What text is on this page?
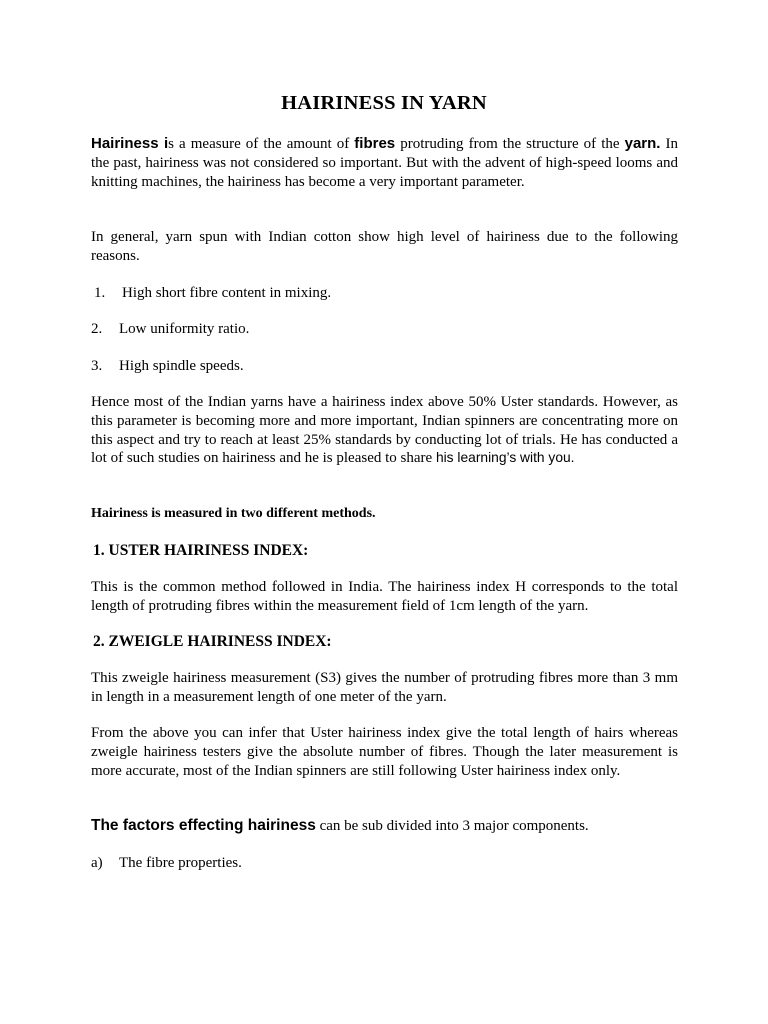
HAIRINESS IN YARN

Hairiness is a measure of the amount of fibres protruding from the structure of the yarn. In the past, hairiness was not considered so important. But with the advent of high-speed looms and knitting machines, the hairiness has become a very important parameter.

In general, yarn spun with Indian cotton show high level of hairiness due to the following reasons.

1. High short fibre content in mixing.
2. Low uniformity ratio.
3. High spindle speeds.

Hence most of the Indian yarns have a hairiness index above 50% Uster standards. However, as this parameter is becoming more and more important, Indian spinners are concentrating more on this aspect and try to reach at least 25% standards by conducting lot of trials. He has conducted a lot of such studies on hairiness and he is pleased to share his learning’s with you.

Hairiness is measured in two different methods.

1. USTER HAIRINESS INDEX:

This is the common method followed in India. The hairiness index H corresponds to the total length of protruding fibres within the measurement field of 1cm length of the yarn.

2. ZWEIGLE HAIRINESS INDEX:

This zweigle hairiness measurement (S3) gives the number of protruding fibres more than 3 mm in length in a measurement length of one meter of the yarn.

From the above you can infer that Uster hairiness index give the total length of hairs whereas zweigle hairiness testers give the absolute number of fibres. Though the later measurement is more accurate, most of the Indian spinners are still following Uster hairiness index only.

The factors effecting hairiness can be sub divided into 3 major components.

a) The fibre properties.
